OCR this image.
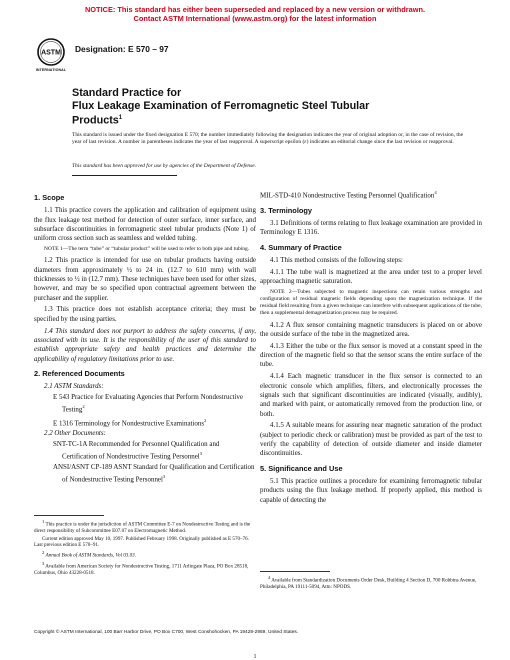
NOTICE: This standard has either been superseded and replaced by a new version or withdrawn.
Contact ASTM International (www.astm.org) for the latest information
ASTM
INTERNATIONAL
Designation: E 570 – 97
Standard Practice for
Flux Leakage Examination of Ferromagnetic Steel Tubular
Products$^1$
This standard is issued under the fixed designation E 570; the number immediately following the designation indicates the year of original adoption or, in the case of revision, the year of last revision. A number in parentheses indicates the year of last reapproval. A superscript epsilon (ε) indicates an editorial change since the last revision or reapproval.
This standard has been approved for use by agencies of the Department of Defense.
1. Scope

1.1 This practice covers the application and calibration of equipment using the flux leakage test method for detection of outer surface, inner surface, and subsurface discontinuities in ferromagnetic steel tubular products (Note 1) of uniform cross section such as seamless and welded tubing.

NOTE 1—The term “tube” or “tubular product” will be used to refer to both pipe and tubing.

1.2 This practice is intended for use on tubular products having outside diameters from approximately ½ to 24 in. (12.7 to 610 mm) with wall thicknesses to ½ in (12.7 mm). These techniques have been used for other sizes, however, and may be so specified upon contractual agreement between the purchaser and the supplier.

1.3 This practice does not establish acceptance criteria; they must be specified by the using parties.

1.4 This standard does not purport to address the safety concerns, if any, associated with its use. It is the responsibility of the user of this standard to establish appropriate safety and health practices and determine the applicability of regulatory limitations prior to use.

2. Referenced Documents

2.1 ASTM Standards:

E 543 Practice for Evaluating Agencies that Perform Nondestructive Testing$^2$

E 1316 Terminology for Nondestructive Examinations$^2$

2.2 Other Documents:

SNT-TC-1A Recommended for Personnel Qualification and Certification of Nondestructive Testing Personnel$^3$

ANSI/ASNT CP-189 ASNT Standard for Qualification and Certification of Nondestructive Testing Personnel$^3$

MIL-STD-410 Nondestructive Testing Personnel Qualification$^4$

3. Terminology

3.1 Definitions of terms relating to flux leakage examination are provided in Terminology E 1316.

4. Summary of Practice

4.1 This method consists of the following steps:

4.1.1 The tube wall is magnetized at the area under test to a proper level approaching magnetic saturation.

NOTE 2—Tubes subjected to magnetic inspections can retain various strengths and configuration of residual magnetic fields depending upon the magnetization technique. If the residual field resulting from a given technique can interfere with subsequent applications of the tube, then a supplemental demagnetization process may be required.

4.1.2 A flux sensor containing magnetic transducers is placed on or above the outside surface of the tube in the magnetized area.

4.1.3 Either the tube or the flux sensor is moved at a constant speed in the direction of the magnetic field so that the sensor scans the entire surface of the tube.

4.1.4 Each magnetic transducer in the flux sensor is connected to an electronic console which amplifies, filters, and electronically processes the signals such that significant discontinuities are indicated (visually, audibly), and marked with paint, or automatically removed from the production line, or both.

4.1.5 A suitable means for assuring near magnetic saturation of the product (subject to periodic check or calibration) must be provided as part of the test to verify the capability of detection of outside diameter and inside diameter discontinuities.

5. Significance and Use

5.1 This practice outlines a procedure for examining ferromagnetic tubular products using the flux leakage method. If properly applied, this method is capable of detecting the

$^1$ This practice is under the jurisdiction of ASTM Committee E-7 on Nondestructive Testing and is the direct responsibility of Subcommittee E07.07 on Electromagnetic Method.

Current edition approved May 10, 1997. Published February 1998. Originally published as E 570–76. Last previous edition E 570–91.

$^2$ Annual Book of ASTM Standards, Vol 03.03.

$^3$ Available from American Society for Nondestructive Testing, 1711 Arlingate Plaza, PO Box 28518, Columbus, Ohio 43228-0518.

$^4$ Available from Standardization Documents Order Desk, Building 4 Section D, 700 Robbins Avenue, Philadelphia, PA 19111-5094, Attn: NPODS.

Copyright © ASTM International, 100 Barr Harbor Drive, PO Box C700, West Conshohocken, PA 19428-2959, United States.
1
